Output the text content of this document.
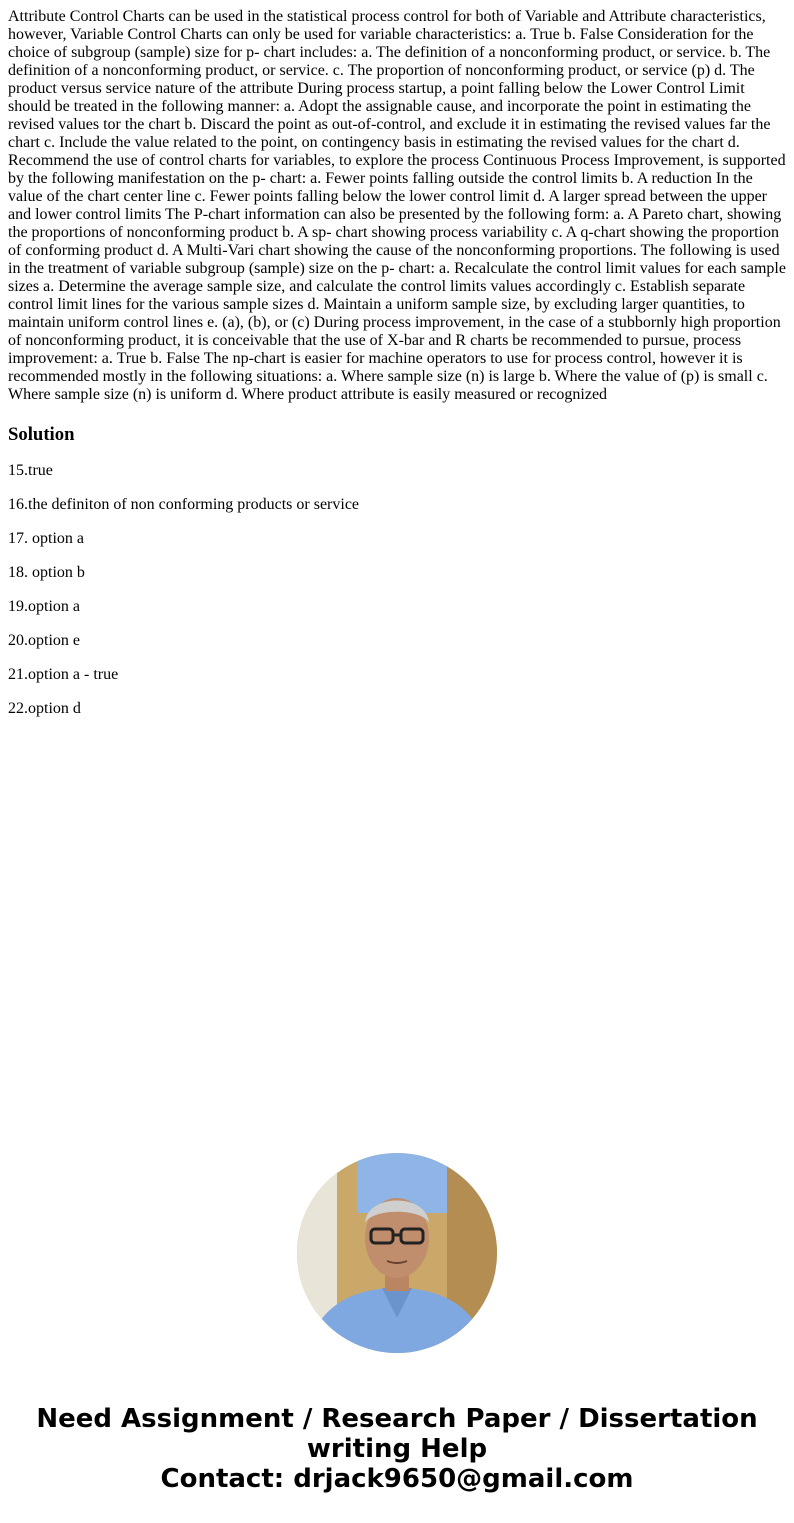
Attribute Control Charts can be used in the statistical process control for both of Variable and Attribute characteristics, however, Variable Control Charts can only be used for variable characteristics: a. True b. False Consideration for the choice of subgroup (sample) size for p- chart includes: a. The definition of a nonconforming product, or service. b. The definition of a nonconforming product, or service. c. The proportion of nonconforming product, or service (p) d. The product versus service nature of the attribute During process startup, a point falling below the Lower Control Limit should be treated in the following manner: a. Adopt the assignable cause, and incorporate the point in estimating the revised values tor the chart b. Discard the point as out-of-control, and exclude it in estimating the revised values far the chart c. Include the value related to the point, on contingency basis in estimating the revised values for the chart d. Recommend the use of control charts for variables, to explore the process Continuous Process Improvement, is supported by the following manifestation on the p- chart: a. Fewer points falling outside the control limits b. A reduction In the value of the chart center line c. Fewer points falling below the lower control limit d. A larger spread between the upper and lower control limits The P-chart information can also be presented by the following form: a. A Pareto chart, showing the proportions of nonconforming product b. A sp- chart showing process variability c. A q-chart showing the proportion of conforming product d. A Multi-Vari chart showing the cause of the nonconforming proportions. The following is used in the treatment of variable subgroup (sample) size on the p- chart: a. Recalculate the control limit values for each sample sizes a. Determine the average sample size, and calculate the control limits values accordingly c. Establish separate control limit lines for the various sample sizes d. Maintain a uniform sample size, by excluding larger quantities, to maintain uniform control lines e. (a), (b), or (c) During process improvement, in the case of a stubbornly high proportion of nonconforming product, it is conceivable that the use of X-bar and R charts be recommended to pursue, process improvement: a. True b. False The np-chart is easier for machine operators to use for process control, however it is recommended mostly in the following situations: a. Where sample size (n) is large b. Where the value of (p) is small c. Where sample size (n) is uniform d. Where product attribute is easily measured or recognized

Solution
15.true
16.the definiton of non conforming products or service
17. option a
18. option b
19.option a
20.option e
21.option a - true
22.option d
Need Assignment / Research Paper / Dissertation
writing Help
Contact: drjack9650@gmail.com
